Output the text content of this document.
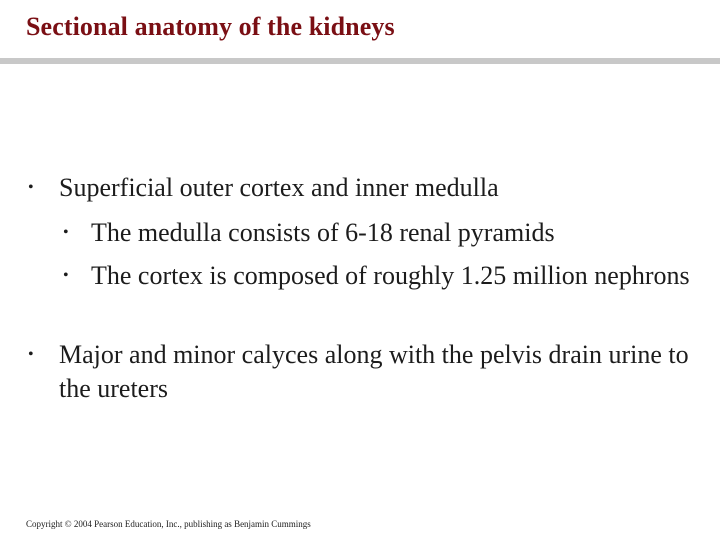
Sectional anatomy of the kidneys
• Superficial outer cortex and inner medulla
• The medulla consists of 6-18 renal pyramids
• The cortex is composed of roughly 1.25 million nephrons
• Major and minor calyces along with the pelvis drain urine to the ureters
Copyright © 2004 Pearson Education, Inc., publishing as Benjamin Cummings
